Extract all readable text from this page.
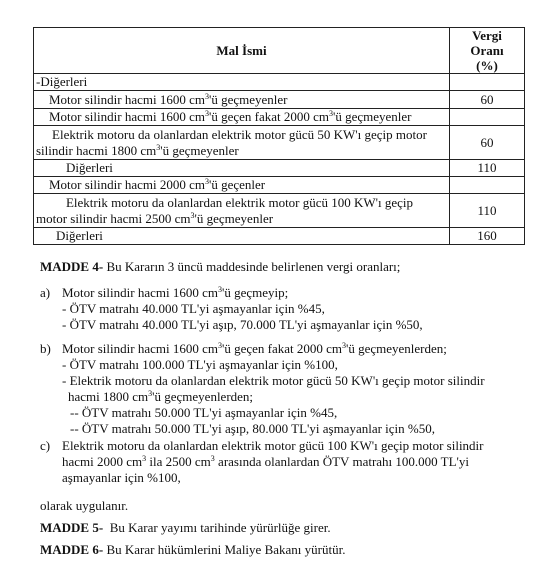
Mal İsmi	Vergi Oranı
(%)
-Diğerleri	
Motor silindir hacmi 1600 $cm^3'ü$ geçmeyenler	60
Motor silindir hacmi 1600 $cm^3'ü$ geçen fakat 2000 $cm^3'ü$ geçmeyenler	

Elektrik motoru da olanlardan elektrik motor gücü 50 KW'ı geçip motor
silindir hacmi 1800 $cm^3'ü$ geçmeyenler	60
Diğerleri	110
Motor silindir hacmi 2000 $cm^3'ü$ geçenler	

Elektrik motoru da olanlardan elektrik motor gücü 100 KW'ı geçip
motor silindir hacmi 2500 $cm^3'ü$ geçmeyenler	110
Diğerleri	160
MADDE 4- Bu Kararın 3 üncü maddesinde belirlenen vergi oranları;
a) Motor silindir hacmi 1600 $cm^3'ü$ geçmeyip;
- ÖTV matrahı 40.000 TL'yi aşmayanlar için %45,
- ÖTV matrahı 40.000 TL'yi aşıp, 70.000 TL'yi aşmayanlar için %50,
b) Motor silindir hacmi 1600 $cm^3'ü$ geçen fakat 2000 $cm^3'ü$ geçmeyenlerden;
- ÖTV matrahı 100.000 TL'yi aşmayanlar için %100,
- Elektrik motoru da olanlardan elektrik motor gücü 50 KW'ı geçip motor silindir
hacmi 1800 $cm^3'ü$ geçmeyenlerden;
-- ÖTV matrahı 50.000 TL'yi aşmayanlar için %45,
-- ÖTV matrahı 50.000 TL'yi aşıp, 80.000 TL'yi aşmayanlar için %50,
c) Elektrik motoru da olanlardan elektrik motor gücü 100 KW'ı geçip motor silindir
hacmi 2000 $cm^3$ ila 2500 $cm^3$ arasında olanlardan ÖTV matrahı 100.000 TL'yi
aşmayanlar için %100,
olarak uygulanır.
MADDE 5-  Bu Karar yayımı tarihinde yürürlüğe girer.
MADDE 6- Bu Karar hükümlerini Maliye Bakanı yürütür.
